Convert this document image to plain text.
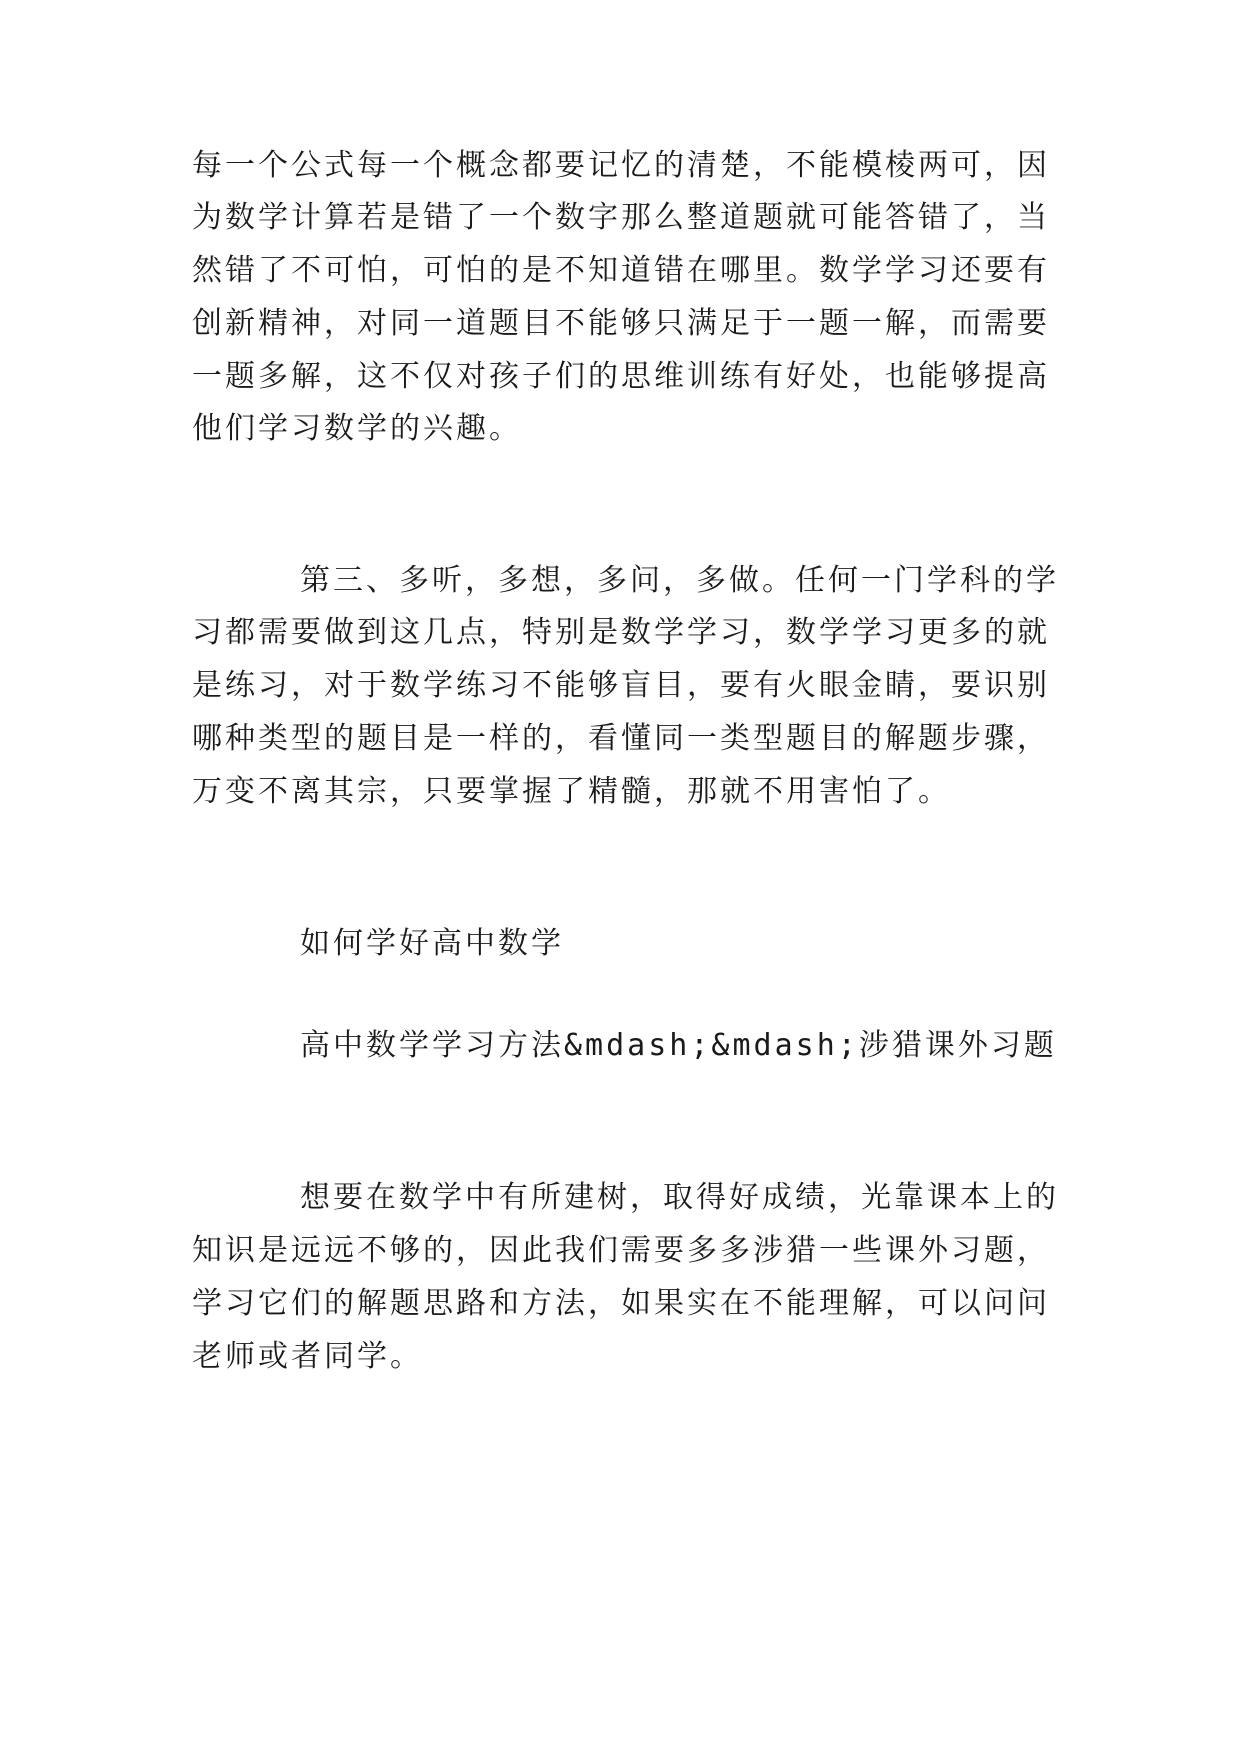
每一个公式每一个概念都要记忆的清楚，不能模棱两可，因
为数学计算若是错了一个数字那么整道题就可能答错了，当
然错了不可怕，可怕的是不知道错在哪里。数学学习还要有
创新精神，对同一道题目不能够只满足于一题一解，而需要
一题多解，这不仅对孩子们的思维训练有好处，也能够提高
他们学习数学的兴趣。
第三、多听，多想，多问，多做。任何一门学科的学
习都需要做到这几点，特别是数学学习，数学学习更多的就
是练习，对于数学练习不能够盲目，要有火眼金睛，要识别
哪种类型的题目是一样的，看懂同一类型题目的解题步骤，
万变不离其宗，只要掌握了精髓，那就不用害怕了。
如何学好高中数学
高中数学学习方法&mdash;&mdash;涉猎课外习题
想要在数学中有所建树，取得好成绩，光靠课本上的
知识是远远不够的，因此我们需要多多涉猎一些课外习题，
学习它们的解题思路和方法，如果实在不能理解，可以问问
老师或者同学。
